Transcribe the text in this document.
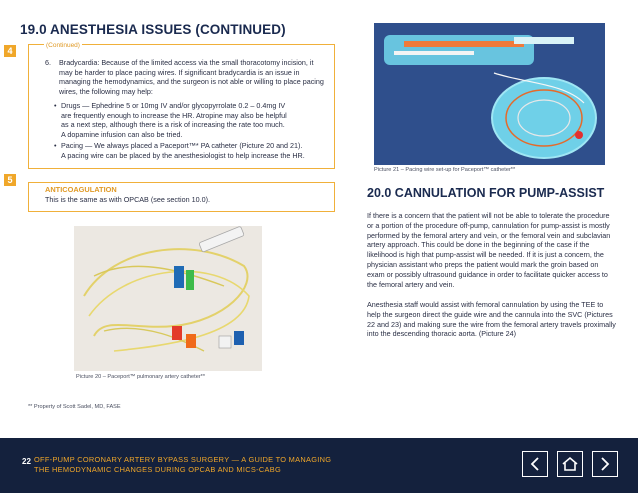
19.0 ANESTHESIA ISSUES (CONTINUED)
4
(Continued)
6. Bradycardia: Because of the limited access via the small thoracotomy incision, it may be harder to place pacing wires. If significant bradycardia is an issue in managing the hemodynamics, and the surgeon is not able or willing to place pacing wires, the following may help:
• Drugs — Ephedrine 5 or 10mg IV and/or glycopyrrolate 0.2 – 0.4mg IV
are frequently enough to increase the HR. Atropine may also be helpful
as a next step, although there is a risk of increasing the rate too much.
A dopamine infusion can also be tried.
• Pacing — We always placed a Paceport™* PA catheter (Picture 20 and 21).
A pacing wire can be placed by the anesthesiologist to help increase the HR.
5
ANTICOAGULATION
This is the same as with OPCAB (see section 10.0).
Picture 20 – Paceport™ pulmonary artery catheter**
Picture 21 – Pacing wire set-up for Paceport™ catheter**
** Property of Scott Sadel, MD, FASE
20.0 CANNULATION FOR PUMP-ASSIST
If there is a concern that the patient will not be able to tolerate the procedure or a portion of the procedure off-pump, cannulation for pump-assist is mostly performed by the femoral artery and vein, or the femoral vein and subclavian artery approach. This could be done in the beginning of the case if the likelihood is high that pump-assist will be needed. If it is just a concern, the physician assistant who preps the patient would mark the groin based on exam or possibly ultrasound guidance in order to facilitate quicker access to the femoral artery and vein.
Anesthesia staff would assist with femoral cannulation by using the TEE to help the surgeon direct the guide wire and the cannula into the SVC (Pictures 22 and 23) and making sure the wire from the femoral artery travels proximally into the descending thoracic aorta. (Picture 24)
22 OFF-PUMP CORONARY ARTERY BYPASS SURGERY — A GUIDE TO MANAGING
THE HEMODYNAMIC CHANGES DURING OPCAB AND MICS-CABG
